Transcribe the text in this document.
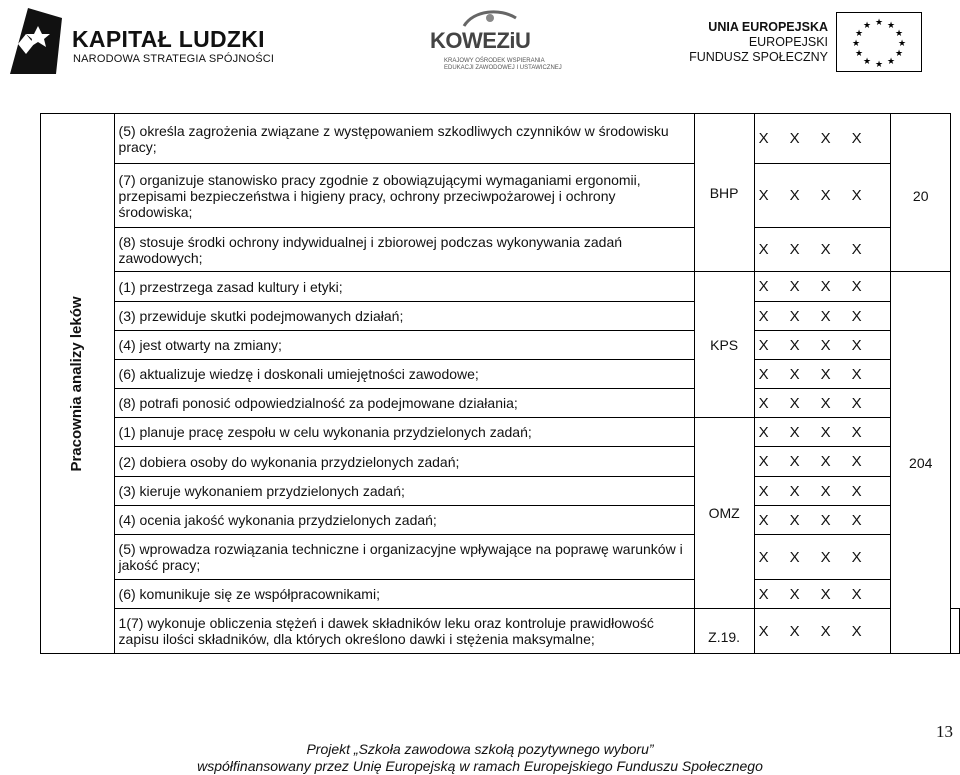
KAPITAŁ LUDZKI
NARODOWA STRATEGIA SPÓJNOŚCI
KOWEZiU
KRAJOWY OŚRODEK WSPIERANIA
EDUKACJI ZAWODOWEJ I USTAWICZNEJ
UNIA EUROPEJSKA
EUROPEJSKI
FUNDUSZ SPOŁECZNY
★ ★
★
★
★
★
★
★
★
★
★
★
Pracownia analizy leków	(5) określa zagrożenia związane z występowaniem szkodliwych czynników w środowisku pracy;	BHP	X X X X		
	(7) organizuje stanowisko pracy zgodnie z obowiązującymi wymaganiami ergonomii, przepisami bezpieczeństwa i higieny pracy, ochrony przeciwpożarowej i ochrony środowiska;		X X X X	20	
	(8) stosuje środki ochrony indywidualnej i zbiorowej podczas wykonywania zadań zawodowych;		X X X X		
	(1) przestrzega zasad kultury i etyki;	KPS	X X X X	204	
	(3) przewiduje skutki podejmowanych działań;		X X X X		
	(4) jest otwarty na zmiany;		X X X X		
	(6) aktualizuje wiedzę i doskonali umiejętności zawodowe;		X X X X		
	(8) potrafi ponosić odpowiedzialność za podejmowane działania;		X X X X		
	(1) planuje pracę zespołu w celu wykonania przydzielonych zadań;	OMZ	X X X X		
	(2) dobiera osoby do wykonania przydzielonych zadań;		X X X X		
	(3) kieruje wykonaniem przydzielonych zadań;		X X X X		
	(4) ocenia jakość wykonania przydzielonych zadań;		X X X X		
	(5) wprowadza rozwiązania techniczne i organizacyjne wpływające na poprawę warunków i jakość pracy;		X X X X		
	(6) komunikuje się ze współpracownikami;		X X X X		
	1(7) wykonuje obliczenia stężeń i dawek składników leku oraz kontroluje prawidłowość zapisu ilości składników, dla których określono dawki i stężenia maksymalne;	Z.19.	X X X X		
13
Projekt „Szkoła zawodowa szkołą pozytywnego wyboru”
współfinansowany przez Unię Europejską w ramach Europejskiego Funduszu Społecznego
